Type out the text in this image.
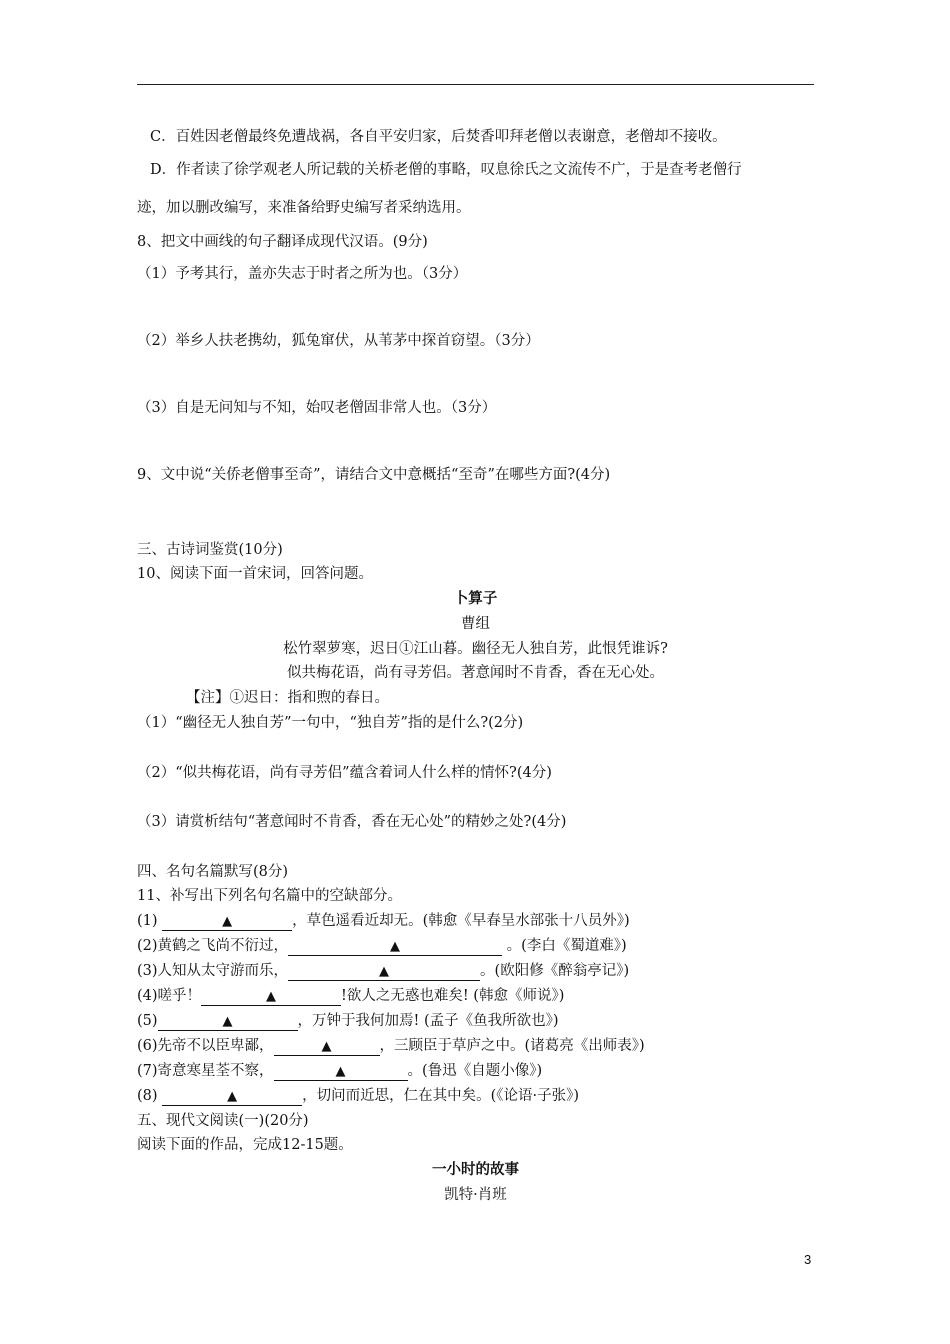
C．百姓因老僧最终免遭战祸，各自平安归家，后焚香叩拜老僧以表谢意，老僧却不接收。
D．作者读了徐学观老人所记载的关桥老僧的事略，叹息徐氏之文流传不广，于是查考老僧行
迹，加以删改编写，来准备给野史编写者采纳选用。
8、把文中画线的句子翻译成现代汉语。(9分)
（1）予考其行，盖亦失志于时者之所为也。（3分）
（2）举乡人扶老携幼，狐兔窜伏，从苇茅中探首窃望。（3分）
（3）自是无问知与不知，始叹老僧固非常人也。（3分）
9、文中说“关侨老僧事至奇”，请结合文中意概括“至奇”在哪些方面?(4分)
三、古诗词鉴赏(10分)
10、阅读下面一首宋词，回答问题。
卜算子
曹组
松竹翠萝寒，迟日①江山暮。幽径无人独自芳，此恨凭谁诉?
似共梅花语，尚有寻芳侣。著意闻时不肯香，香在无心处。
【注】①迟日：指和煦的春日。
（1）“幽径无人独自芳”一句中，“独自芳”指的是什么?(2分)
（2）“似共梅花语，尚有寻芳侣”蕴含着词人什么样的情怀?(4分)
（3）请赏析结句“著意闻时不肯香，香在无心处”的精妙之处?(4分)
四、名句名篇默写(8分)
11、补写出下列名句名篇中的空缺部分。
(1)	▲	，草色遥看近却无。(韩愈《早春呈水部张十八员外》)
(2)黄鹤之飞尚不衍过，	▲	。(李白《蜀道难》)
(3)人知从太守游而乐，	▲	。(欧阳修《醉翁亭记》)
(4)嗟乎！	▲	!欲人之无惑也难矣! (韩愈《师说》)
(5)	▲	，万钟于我何加焉! (孟子《鱼我所欲也》)
(6)先帝不以臣卑鄙，	▲	，三顾臣于草庐之中。(诸葛亮《出师表》)
(7)寄意寒星荃不察，	▲	。(鲁迅《自题小像》)
(8)	▲	，切问而近思，仁在其中矣。(《论语·子张》)
五、现代文阅读(一)(20分)
阅读下面的作品，完成12-15题。
一小时的故事
凯特·肖班
3
